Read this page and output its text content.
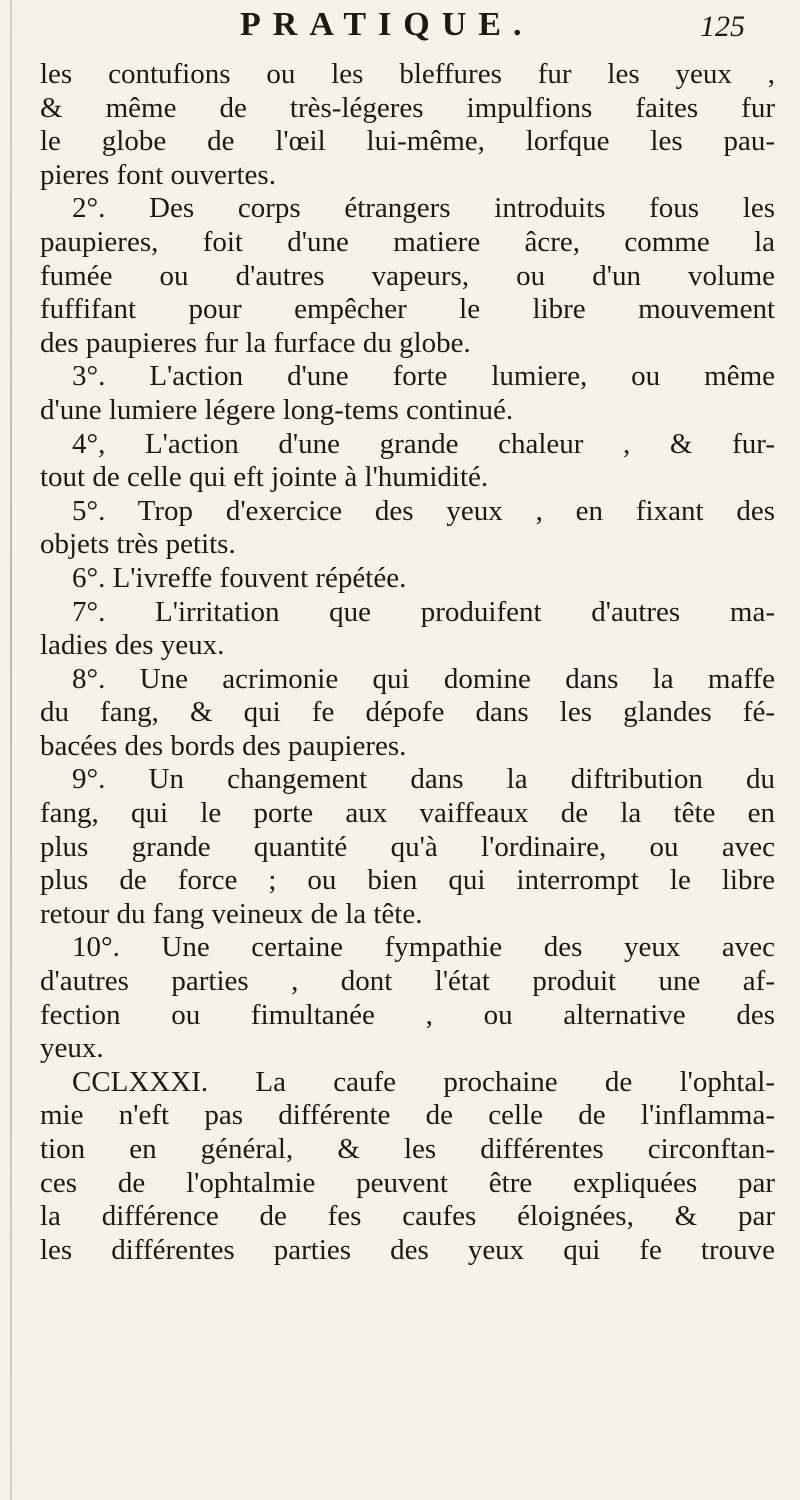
PRATIQUE.	125
les contufions ou les bleffures fur les yeux ,
& même de très-légeres impulfions faites fur
le globe de l'œil lui-même, lorfque les pau-
pieres font ouvertes.
2°. Des corps étrangers introduits fous les
paupieres, foit d'une matiere âcre, comme la
fumée ou d'autres vapeurs, ou d'un volume
fuffifant pour empêcher le libre mouvement
des paupieres fur la furface du globe.
3°. L'action d'une forte lumiere, ou même
d'une lumiere légere long-tems continué.
4°, L'action d'une grande chaleur , & fur-
tout de celle qui eft jointe à l'humidité.
5°. Trop d'exercice des yeux , en fixant des
objets très petits.
6°. L'ivreffe fouvent répétée.
7°. L'irritation que produifent d'autres ma-
ladies des yeux.
8°. Une acrimonie qui domine dans la maffe
du fang, & qui fe dépofe dans les glandes fé-
bacées des bords des paupieres.
9°. Un changement dans la diftribution du
fang, qui le porte aux vaiffeaux de la tête en
plus grande quantité qu'à l'ordinaire, ou avec
plus de force ; ou bien qui interrompt le libre
retour du fang veineux de la tête.
10°. Une certaine fympathie des yeux avec
d'autres parties , dont l'état produit une af-
fection ou fimultanée , ou alternative des
yeux.
CCLXXXI. La caufe prochaine de l'ophtal-
mie n'eft pas différente de celle de l'inflamma-
tion en général, & les différentes circonftan-
ces de l'ophtalmie peuvent être expliquées par
la différence de fes caufes éloignées, & par
les différentes parties des yeux qui fe trouve
